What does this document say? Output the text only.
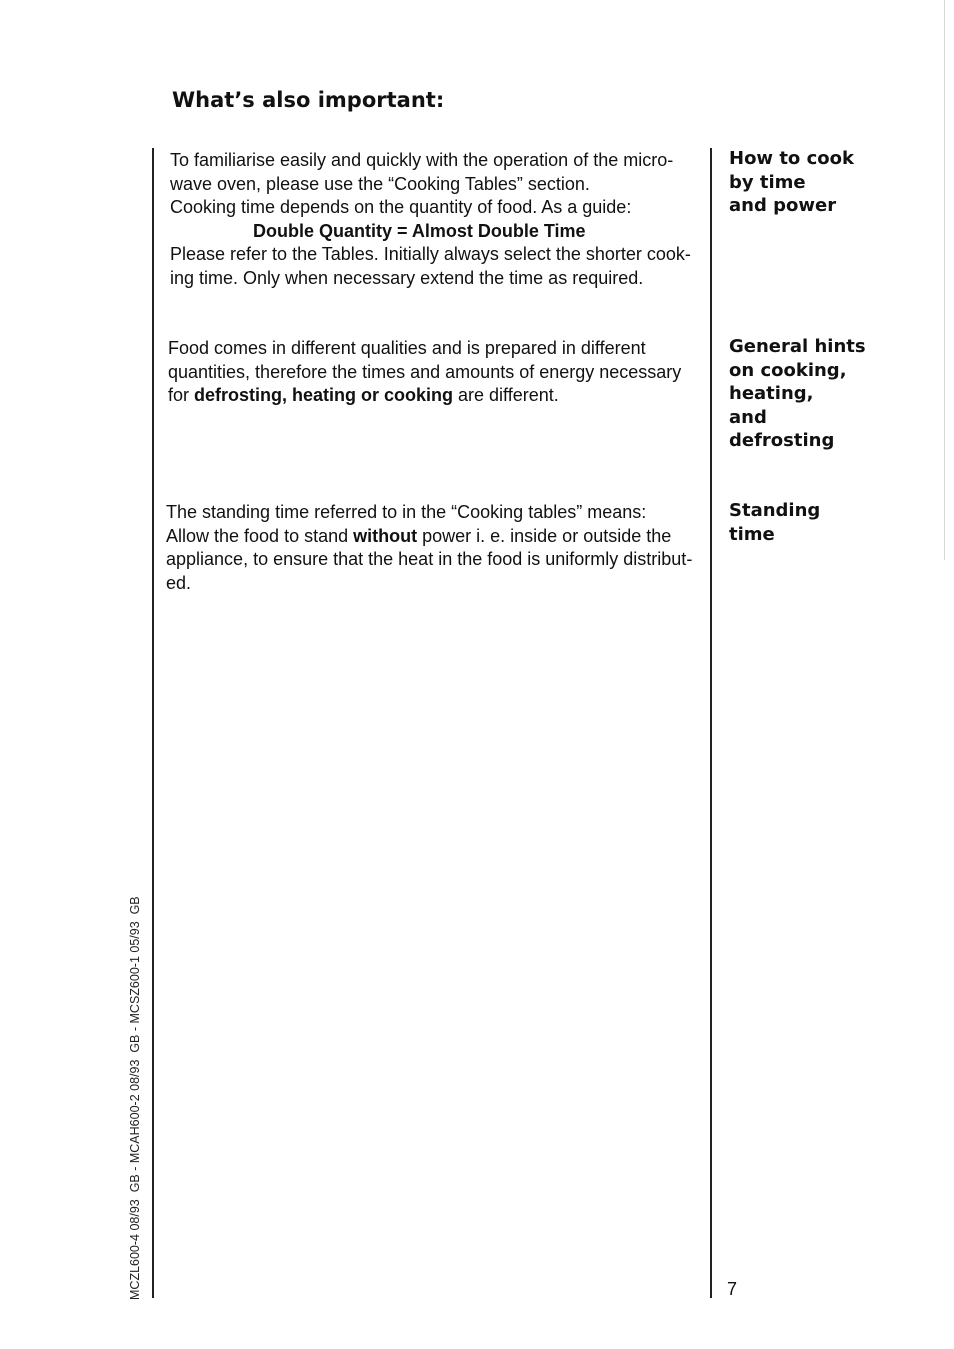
What’s also important:

To familiarise easily and quickly with the operation of the micro-

wave oven, please use the “Cooking Tables” section.

Cooking time depends on the quantity of food. As a guide:

Double Quantity = Almost Double Time

Please refer to the Tables. Initially always select the shorter cook-

ing time. Only when necessary extend the time as required.

How to cook
by time
and power

Food comes in different qualities and is prepared in different

quantities, therefore the times and amounts of energy necessary

for defrosting, heating or cooking are different.

General hints
on cooking,
heating,
and
defrosting

The standing time referred to in the “Cooking tables” means:

Allow the food to stand without power i. e. inside or outside the

appliance, to ensure that the heat in the food is uniformly distribut-

ed.

Standing
time
MCZL600-4 08/93  GB - MCAH600-2 08/93  GB - MCSZ600-1 05/93  GB	7
